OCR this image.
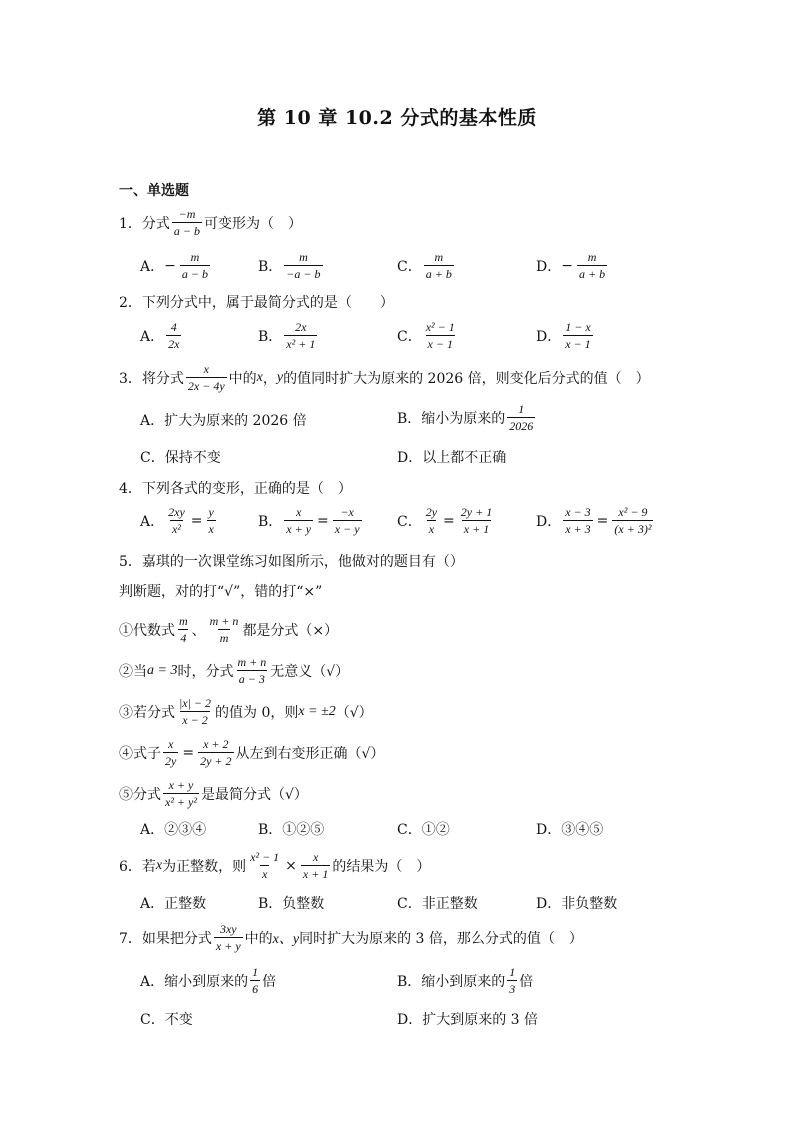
第 10 章 10.2 分式的基本性质
一、单选题
1．分式 $\frac{-m}{a - b}$ 可变形为（　）
A． − $\frac{m}{a - b}$	B． $\frac{m}{-a - b}$	C． $\frac{m}{a + b}$	D． − $\frac{m}{a + b}$
2．下列分式中，属于最简分式的是（　　）
A． $\frac{4}{2x}$	B． $\frac{2x}{\text{x² + 1}}$	C． $\frac{\text{x² − 1}}{x - 1}$	D． $\frac{1 - x}{x - 1}$
3．将分式 $\frac{x}{2x - 4y}$ 中的 x ， y 的值同时扩大为原来的 2026 倍，则变化后分式的值（　）
A．扩大为原来的 2026 倍	B．缩小为原来的 $\frac{1}{2026}$
C．保持不变	D．以上都不正确
4．下列各式的变形，正确的是（　）
A． $\frac{2xy}{\text{x²}} = \frac{y}{x}$	B． $\frac{x}{x + y} = \frac{-x}{x - y}$	C． $\frac{2y}{x} = \frac{2y + 1}{x + 1}$	D． $\frac{x - 3}{x + 3} = \frac{\text{x² − 9}}{\text{(x + 3)²}}$
5．嘉琪的一次课堂练习如图所示，他做对的题目有（）
判断题，对的打“√”，错的打“×”
①代数式 $\frac{m}{4}$ 、 $\frac{m + n}{m}$ 都是分式（×）
②当 a = 3 时，分式 $\frac{m + n}{a - 3}$ 无意义（√）
③若分式 $\frac{|x| - 2}{x - 2}$ 的值为 0，则 x = ±2 （√）
④式子 $\frac{x}{2y} = \frac{x + 2}{2y + 2}$ 从左到右变形正确（√）
⑤分式 $\frac{x + y}{\text{x² + y²}}$ 是最简分式（√）
A．②③④	B．①②⑤	C．①②	D．③④⑤
6．若 x 为正整数，则 $\frac{\text{x² − 1}}{x} \times \frac{x}{x + 1}$ 的结果为（　）
A．正整数	B．负整数	C．非正整数	D．非负整数
7．如果把分式 $\frac{3xy}{x + y}$ 中的 x、y 同时扩大为原来的 3 倍，那么分式的值（　）
A．缩小到原来的 $\frac{1}{6}$ 倍	B．缩小到原来的 $\frac{1}{3}$ 倍
C．不变	D．扩大到原来的 3 倍
